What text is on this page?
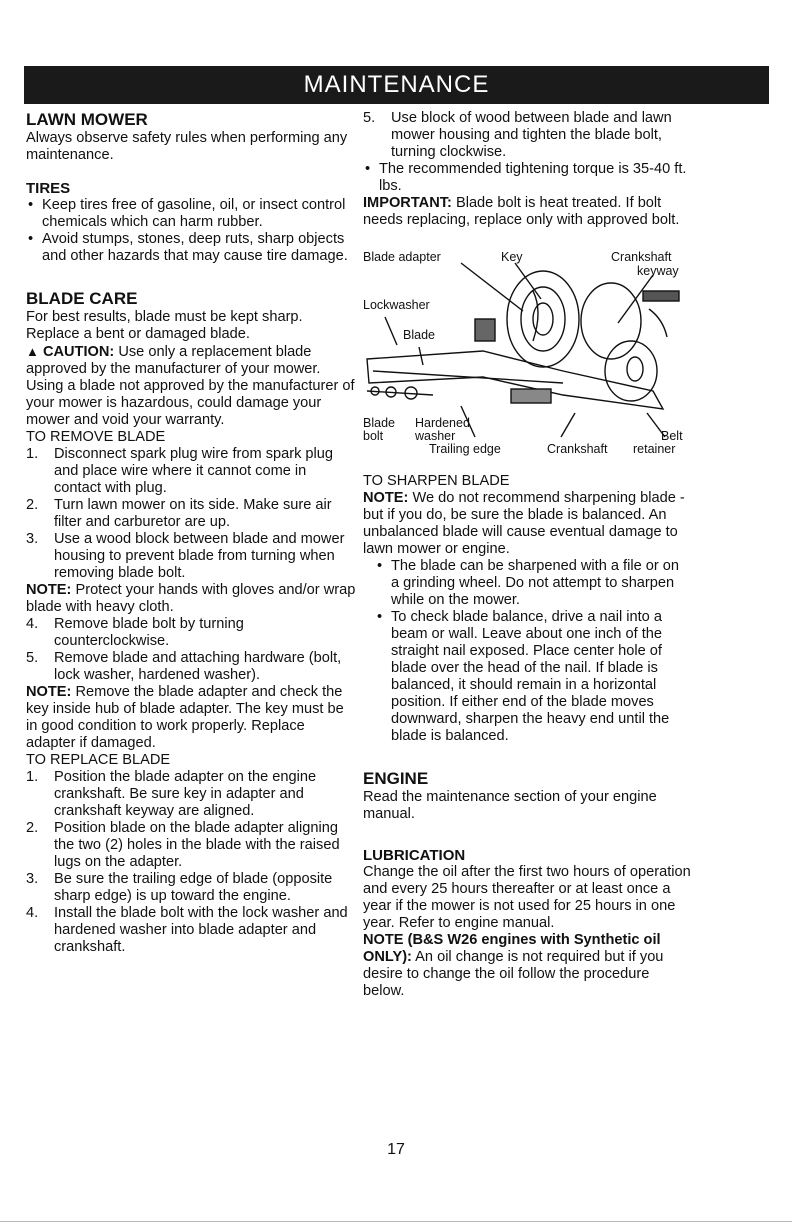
MAINTENANCE

LAWN MOWER

Always observe safety rules when performing any maintenance.

TIRES

• Keep tires free of gasoline, oil, or insect control chemicals which can harm rubber.
• Avoid stumps, stones, deep ruts, sharp objects and other hazards that may cause tire damage.

BLADE CARE

For best results, blade must be kept sharp. Replace a bent or damaged blade.

▲ CAUTION: Use only a replacement blade approved by the manufacturer of your mower. Using a blade not approved by the manufacturer of your mower is hazardous, could damage your mower and void your warranty.

TO REMOVE BLADE

1. Disconnect spark plug wire from spark plug and place wire where it cannot come in contact with plug.
2. Turn lawn mower on its side. Make sure air filter and carburetor are up.
3. Use a wood block between blade and mower housing to prevent blade from turning when removing blade bolt.

NOTE: Protect your hands with gloves and/or wrap blade with heavy cloth.

4. Remove blade bolt by turning counterclockwise.
5. Remove blade and attaching hardware (bolt, lock washer, hardened washer).

NOTE: Remove the blade adapter and check the key inside hub of blade adapter. The key must be in good condition to work properly. Replace adapter if damaged.

TO REPLACE BLADE

1. Position the blade adapter on the engine crankshaft. Be sure key in adapter and crankshaft keyway are aligned.
2. Position blade on the blade adapter aligning the two (2) holes in the blade with the raised lugs on the adapter.
3. Be sure the trailing edge of blade (opposite sharp edge) is up toward the engine.
4. Install the blade bolt with the lock washer and hardened washer into blade adapter and crankshaft.
5. Use block of wood between blade and lawn mower housing and tighten the blade bolt, turning clockwise.
• The recommended tightening torque is 35-40 ft. lbs.

IMPORTANT: Blade bolt is heat treated. If bolt needs replacing, replace only with approved bolt.

Blade adapter	Key	Crankshaft
keyway
Lockwasher
Blade
Blade
bolt
Hardened
washer
Trailing edge	Crankshaft
Belt
retainer

TO SHARPEN BLADE

NOTE: We do not recommend sharpening blade - but if you do, be sure the blade is balanced. An unbalanced blade will cause eventual damage to lawn mower or engine.

• The blade can be sharpened with a file or on a grinding wheel. Do not attempt to sharpen while on the mower.
• To check blade balance, drive a nail into a beam or wall. Leave about one inch of the straight nail exposed. Place center hole of blade over the head of the nail. If blade is balanced, it should remain in a horizontal position. If either end of the blade moves downward, sharpen the heavy end until the blade is balanced.

ENGINE

Read the maintenance section of your engine manual.

LUBRICATION

Change the oil after the first two hours of operation and every 25 hours thereafter or at least once a year if the mower is not used for 25 hours in one year. Refer to engine manual.

NOTE (B&S W26 engines with Synthetic oil ONLY): An oil change is not required but if you desire to change the oil follow the procedure below.

17
